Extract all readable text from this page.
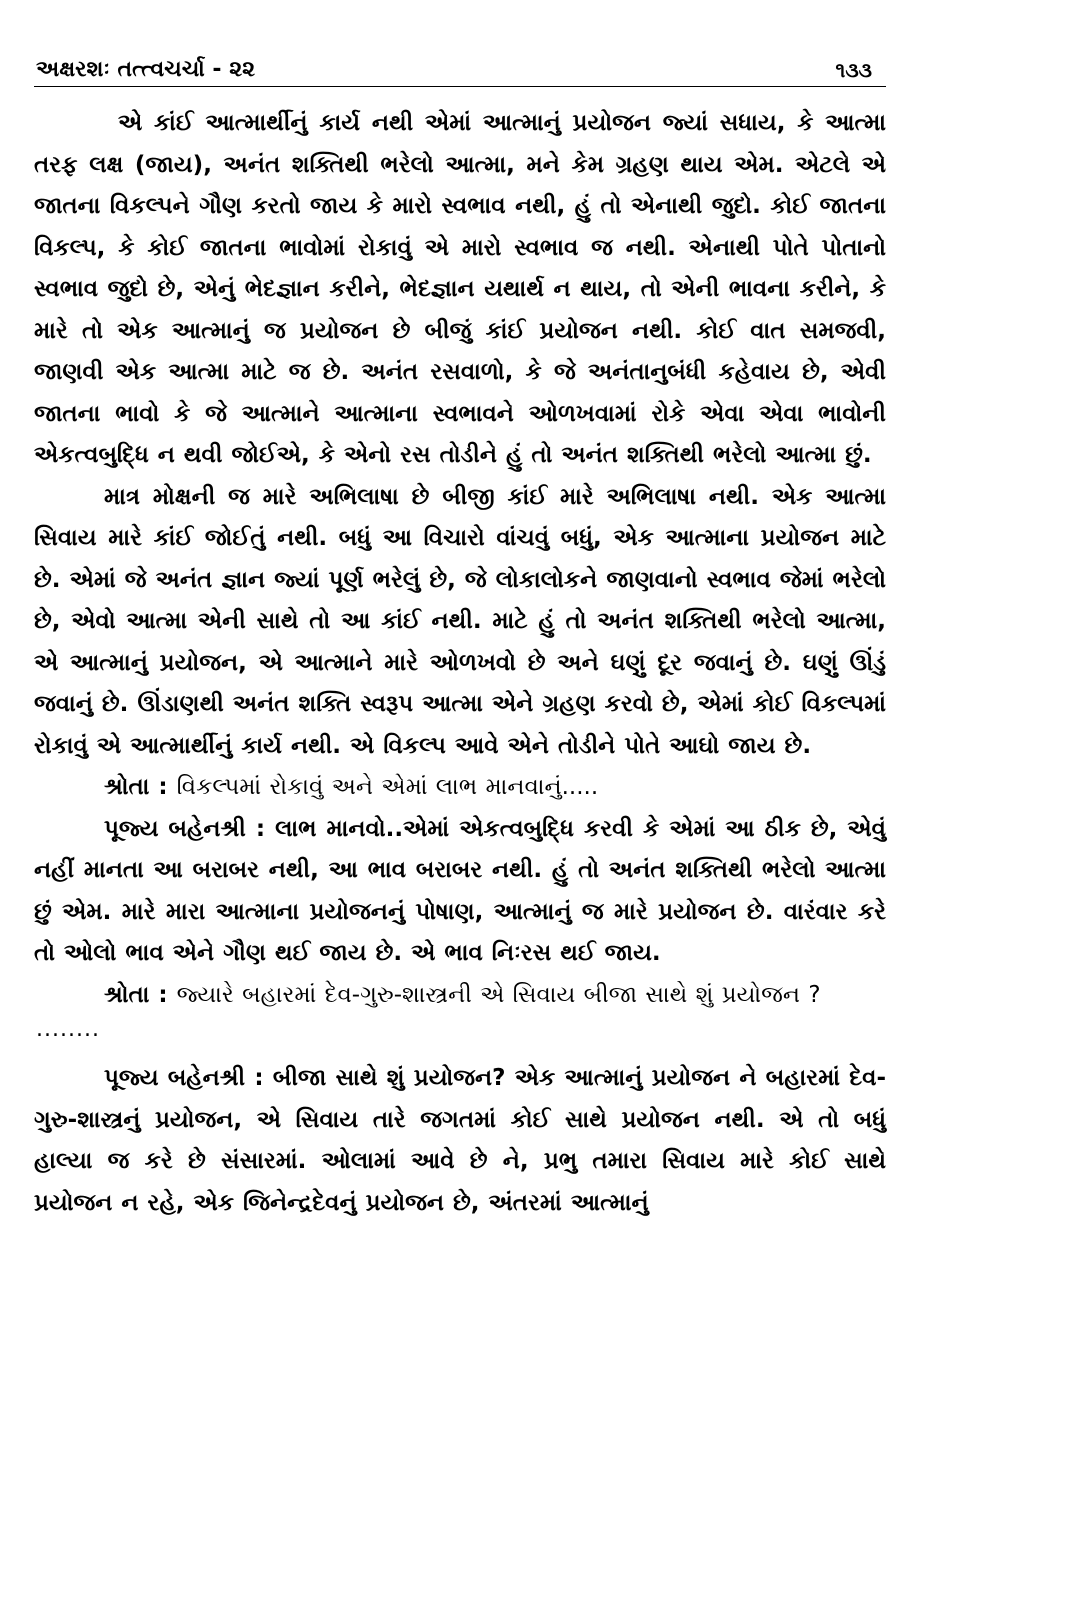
અક્ષરશઃ તત્ત્વચર્ચા - ૨૨	૧૩૩

એ કાંઈ આત્માર્થીનું કાર્ય નથી એમાં આત્માનું પ્રયોજન જ્યાં સધાય, કે આત્મા તરફ લક્ષ (જાય), અનંત શક્તિથી ભરેલો આત્મા, મને કેમ ગ્રહણ થાય એમ. એટલે એ જાતના વિકલ્પને ગૌણ કરતો જાય કે મારો સ્વભાવ નથી, હું તો એનાથી જુદો. કોઈ જાતના વિકલ્પ, કે કોઈ જાતના ભાવોમાં રોકાવું એ મારો સ્વભાવ જ નથી. એનાથી પોતે પોતાનો સ્વભાવ જુદો છે, એનું ભેદજ્ઞાન કરીને, ભેદજ્ઞાન યથાર્થ ન થાય, તો એની ભાવના કરીને, કે મારે તો એક આત્માનું જ પ્રયોજન છે બીજું કાંઈ પ્રયોજન નથી. કોઈ વાત સમજવી, જાણવી એક આત્મા માટે જ છે. અનંત રસવાળો, કે જે અનંતાનુબંધી કહેવાય છે, એવી જાતના ભાવો કે જે આત્માને આત્માના સ્વભાવને ઓળખવામાં રોકે એવા એવા ભાવોની એકત્વબુદ્ધિ ન થવી જોઈએ, કે એનો રસ તોડીને હું તો અનંત શક્તિથી ભરેલો આત્મા છું.

માત્ર મોક્ષની જ મારે અભિલાષા છે બીજી કાંઈ મારે અભિલાષા નથી. એક આત્મા સિવાય મારે કાંઈ જોઈતું નથી. બધું આ વિચારો વાંચવું બધું, એક આત્માના પ્રયોજન માટે છે. એમાં જે અનંત જ્ઞાન જ્યાં પૂર્ણ ભરેલું છે, જે લોકાલોકને જાણવાનો સ્વભાવ જેમાં ભરેલો છે, એવો આત્મા એની સાથે તો આ કાંઈ નથી. માટે હું તો અનંત શક્તિથી ભરેલો આત્મા, એ આત્માનું પ્રયોજન, એ આત્માને મારે ઓળખવો છે અને ઘણું દૂર જવાનું છે. ઘણું ઊંડું જવાનું છે. ઊંડાણથી અનંત શક્તિ સ્વરૂપ આત્મા એને ગ્રહણ કરવો છે, એમાં કોઈ વિકલ્પમાં રોકાવું એ આત્માર્થીનું કાર્ય નથી. એ વિકલ્પ આવે એને તોડીને પોતે આઘો જાય છે.

શ્રોતા : વિકલ્પમાં રોકાવું અને એમાં લાભ માનવાનું.....

પૂજ્ય બહેનશ્રી : લાભ માનવો..એમાં એકત્વબુદ્ધિ કરવી કે એમાં આ ઠીક છે, એવું નહીં માનતા આ બરાબર નથી, આ ભાવ બરાબર નથી. હું તો અનંત શક્તિથી ભરેલો આત્મા છું એમ. મારે મારા આત્માના પ્રયોજનનું પોષાણ, આત્માનું જ મારે પ્રયોજન છે. વારંવાર કરે તો ઓલો ભાવ એને ગૌણ થઈ જાય છે. એ ભાવ નિઃરસ થઈ જાય.

શ્રોતા : જ્યારે બહારમાં દેવ-ગુરુ-શાસ્ત્રની એ સિવાય બીજા સાથે શું પ્રયોજન ?

........

પૂજ્ય બહેનશ્રી : બીજા સાથે શું પ્રયોજન? એક આત્માનું પ્રયોજન ને બહારમાં દેવ-ગુરુ-શાસ્ત્રનું પ્રયોજન, એ સિવાય તારે જગતમાં કોઈ સાથે પ્રયોજન નથી. એ તો બધું હાલ્યા જ કરે છે સંસારમાં. ઓલામાં આવે છે ને, પ્રભુ તમારા સિવાય મારે કોઈ સાથે પ્રયોજન ન રહે, એક જિનેન્દ્રદેવનું પ્રયોજન છે, અંતરમાં આત્માનું
